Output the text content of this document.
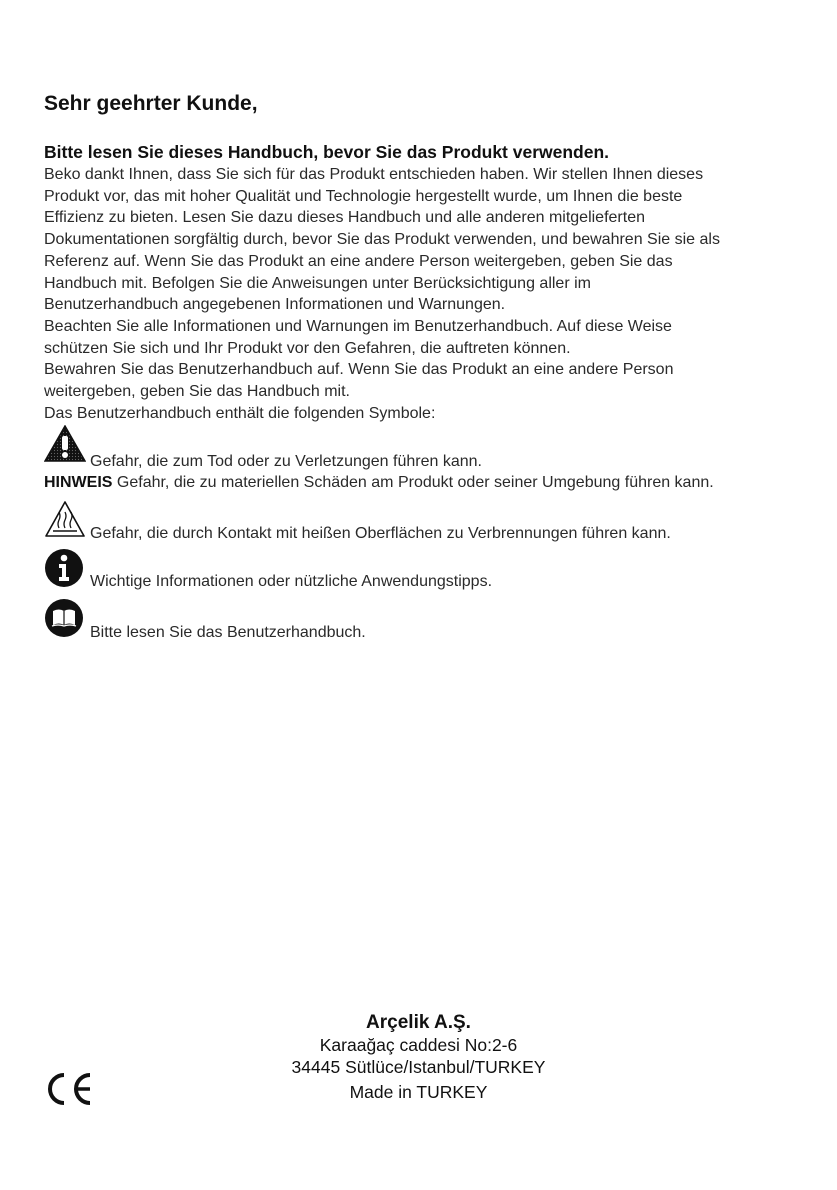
Sehr geehrter Kunde,
Bitte lesen Sie dieses Handbuch, bevor Sie das Produkt verwenden.

Beko dankt Ihnen, dass Sie sich für das Produkt entschieden haben. Wir stellen Ihnen dieses
Produkt vor, das mit hoher Qualität und Technologie hergestellt wurde, um Ihnen die beste
Effizienz zu bieten. Lesen Sie dazu dieses Handbuch und alle anderen mitgelieferten
Dokumentationen sorgfältig durch, bevor Sie das Produkt verwenden, und bewahren Sie sie als
Referenz auf. Wenn Sie das Produkt an eine andere Person weitergeben, geben Sie das
Handbuch mit. Befolgen Sie die Anweisungen unter Berücksichtigung aller im
Benutzerhandbuch angegebenen Informationen und Warnungen.

Beachten Sie alle Informationen und Warnungen im Benutzerhandbuch. Auf diese Weise
schützen Sie sich und Ihr Produkt vor den Gefahren, die auftreten können.

Bewahren Sie das Benutzerhandbuch auf. Wenn Sie das Produkt an eine andere Person
weitergeben, geben Sie das Handbuch mit.

Das Benutzerhandbuch enthält die folgenden Symbole:

Gefahr, die zum Tod oder zu Verletzungen führen kann.
HINWEIS Gefahr, die zu materiellen Schäden am Produkt oder seiner Umgebung führen kann.
Gefahr, die durch Kontakt mit heißen Oberflächen zu Verbrennungen führen kann.
Wichtige Informationen oder nützliche Anwendungstipps.
Bitte lesen Sie das Benutzerhandbuch.
Arçelik A.Ş.
Karaağaç caddesi No:2-6
34445 Sütlüce/Istanbul/TURKEY
Made in TURKEY
